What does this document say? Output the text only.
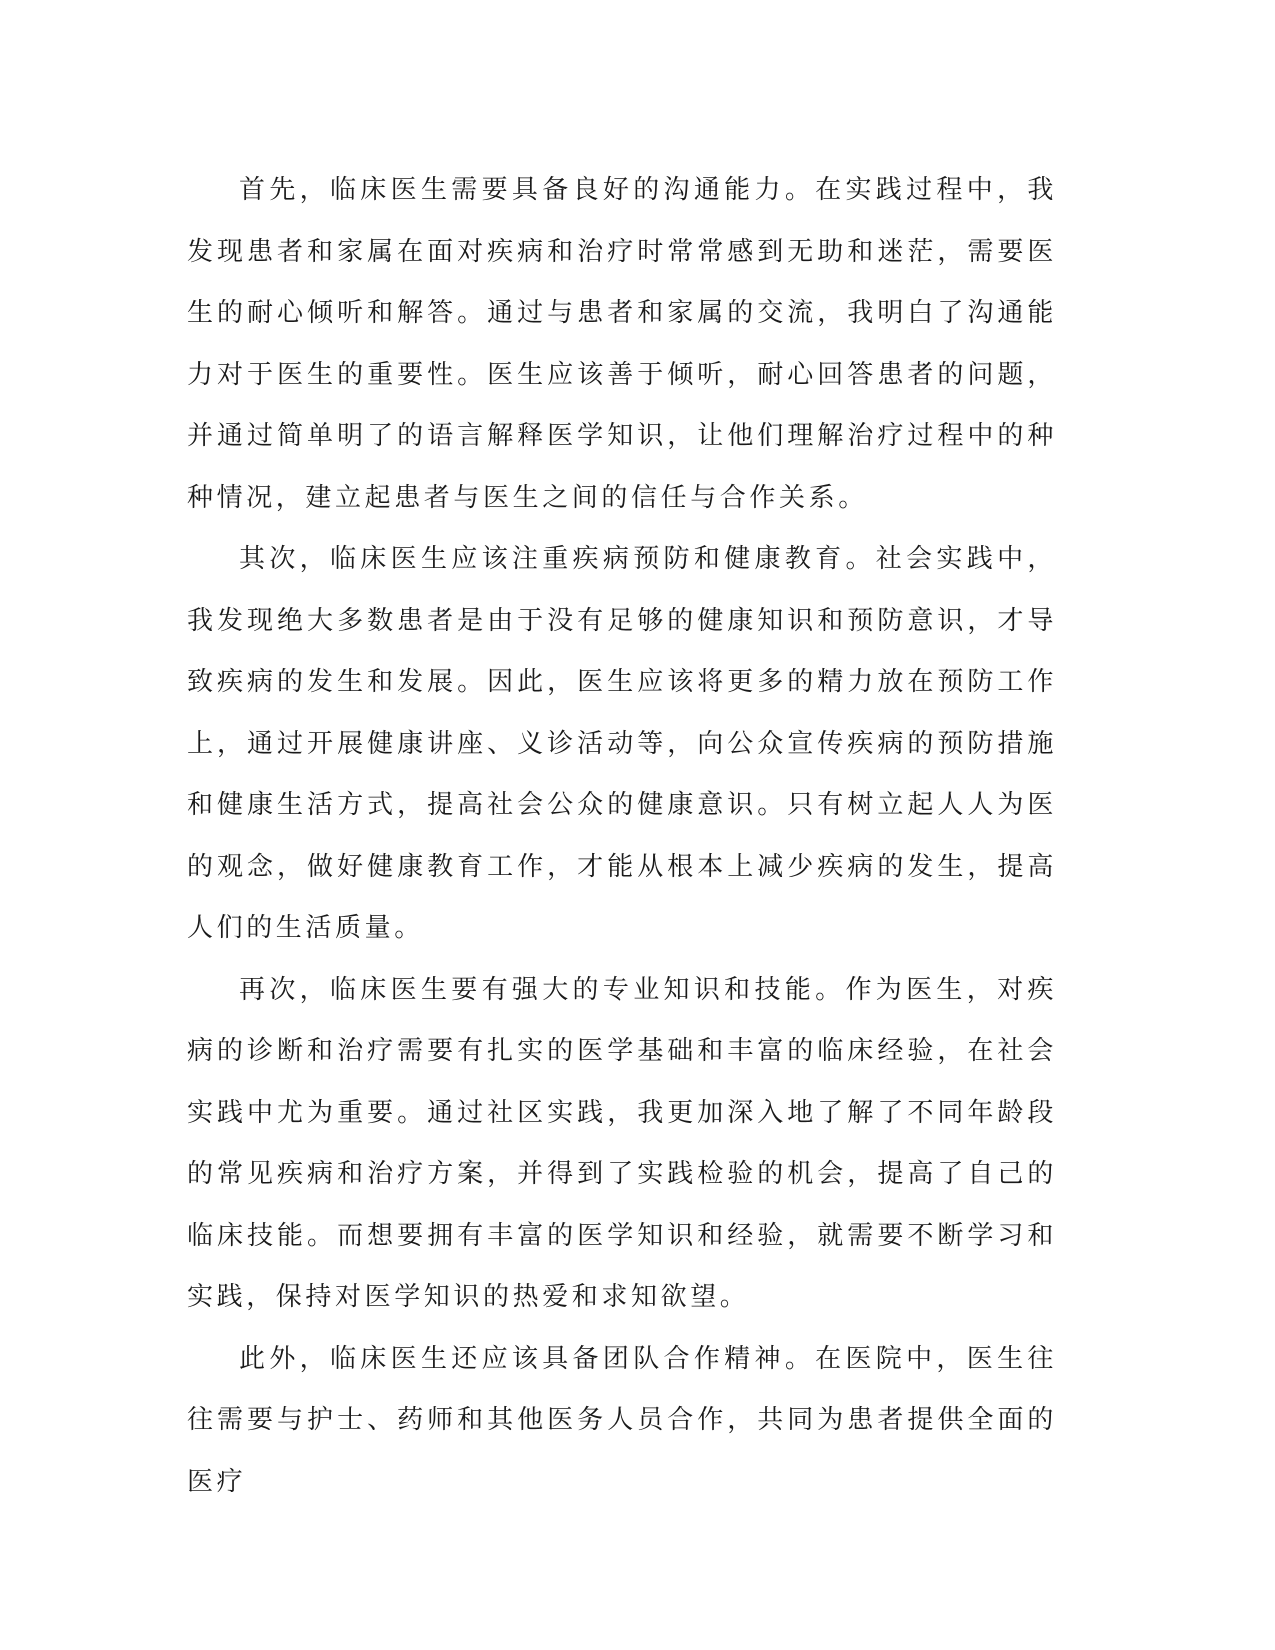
首先，临床医生需要具备良好的沟通能力。在实践过程中，我发现患者和家属在面对疾病和治疗时常常感到无助和迷茫，需要医生的耐心倾听和解答。通过与患者和家属的交流，我明白了沟通能力对于医生的重要性。医生应该善于倾听，耐心回答患者的问题，并通过简单明了的语言解释医学知识，让他们理解治疗过程中的种种情况，建立起患者与医生之间的信任与合作关系。

其次，临床医生应该注重疾病预防和健康教育。社会实践中，我发现绝大多数患者是由于没有足够的健康知识和预防意识，才导致疾病的发生和发展。因此，医生应该将更多的精力放在预防工作上，通过开展健康讲座、义诊活动等，向公众宣传疾病的预防措施和健康生活方式，提高社会公众的健康意识。只有树立起人人为医的观念，做好健康教育工作，才能从根本上减少疾病的发生，提高人们的生活质量。

再次，临床医生要有强大的专业知识和技能。作为医生，对疾病的诊断和治疗需要有扎实的医学基础和丰富的临床经验，在社会实践中尤为重要。通过社区实践，我更加深入地了解了不同年龄段的常见疾病和治疗方案，并得到了实践检验的机会，提高了自己的临床技能。而想要拥有丰富的医学知识和经验，就需要不断学习和实践，保持对医学知识的热爱和求知欲望。

此外，临床医生还应该具备团队合作精神。在医院中，医生往往需要与护士、药师和其他医务人员合作，共同为患者提供全面的医疗
